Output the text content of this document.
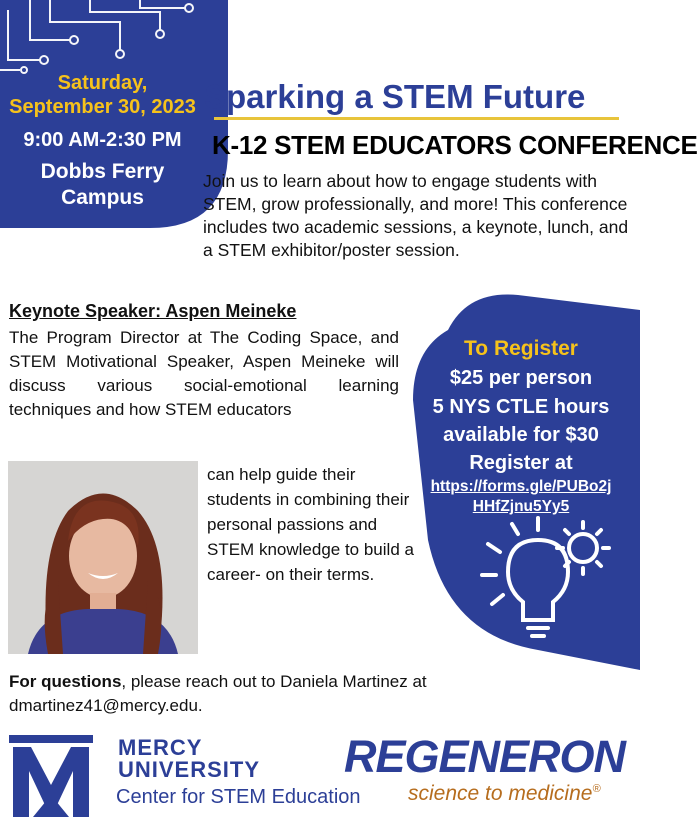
Saturday,
September 30, 2023
9:00 AM-2:30 PM
Dobbs Ferry
Campus
Sparking a STEM Future
K-12 STEM EDUCATORS CONFERENCE
Join us to learn about how to engage students with STEM, grow professionally, and more! This conference includes two academic sessions, a keynote, lunch, and a STEM exhibitor/poster session.
Keynote Speaker: Aspen Meineke
The Program Director at The Coding Space, and STEM Motivational Speaker, Aspen Meineke will discuss various social-emotional learning techniques and how STEM educators
can help guide their students in combining their personal passions and STEM knowledge to build a career- on their terms.
To Register
$25 per person
5 NYS CTLE hours
available for $30
Register at
https://forms.gle/PUBo2j
HHfZjnu5Yy5
For questions, please reach out to Daniela Martinez at dmartinez41@mercy.edu.
MERCY
UNIVERSITY
Center for STEM Education
REGENERON
science to medicine®
